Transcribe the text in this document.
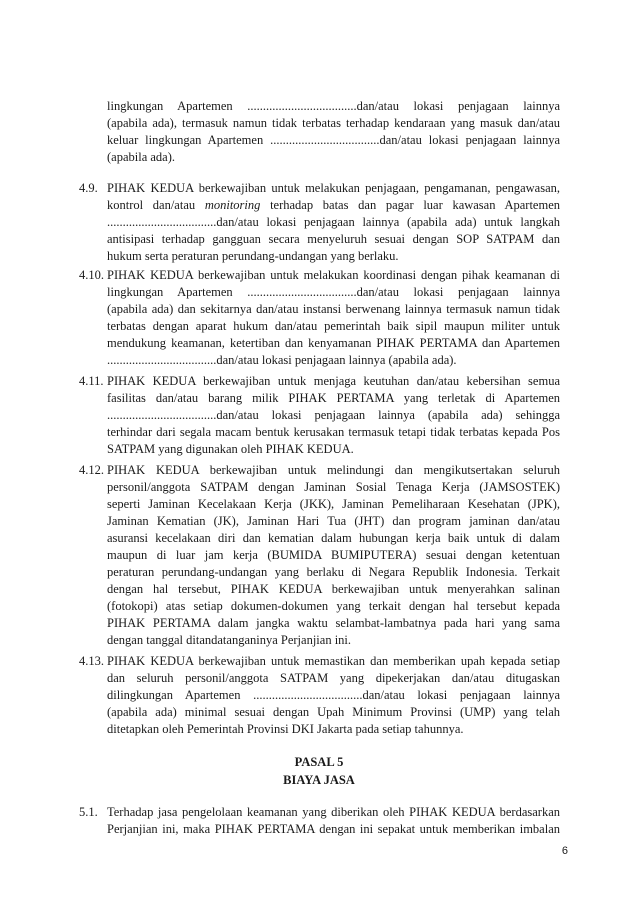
lingkungan Apartemen ...................................dan/atau lokasi penjagaan lainnya
(apabila ada), termasuk namun tidak terbatas terhadap kendaraan yang masuk dan/atau
keluar lingkungan Apartemen ...................................dan/atau lokasi penjagaan lainnya
(apabila ada).
4.9. PIHAK KEDUA berkewajiban untuk melakukan penjagaan, pengamanan, pengawasan,
kontrol dan/atau monitoring terhadap batas dan pagar luar kawasan Apartemen
...................................dan/atau lokasi penjagaan lainnya (apabila ada) untuk langkah
antisipasi terhadap gangguan secara menyeluruh sesuai dengan SOP SATPAM dan
hukum serta peraturan perundang-undangan yang berlaku.
4.10. PIHAK KEDUA berkewajiban untuk melakukan koordinasi dengan pihak keamanan di
lingkungan Apartemen ...................................dan/atau lokasi penjagaan lainnya
(apabila ada) dan sekitarnya dan/atau instansi berwenang lainnya termasuk namun tidak
terbatas dengan aparat hukum dan/atau pemerintah baik sipil maupun militer untuk
mendukung keamanan, ketertiban dan kenyamanan PIHAK PERTAMA dan Apartemen
...................................dan/atau lokasi penjagaan lainnya (apabila ada).
4.11. PIHAK KEDUA berkewajiban untuk menjaga keutuhan dan/atau kebersihan semua
fasilitas dan/atau barang milik PIHAK PERTAMA yang terletak di Apartemen
...................................dan/atau lokasi penjagaan lainnya (apabila ada) sehingga
terhindar dari segala macam bentuk kerusakan termasuk tetapi tidak terbatas kepada Pos
SATPAM yang digunakan oleh PIHAK KEDUA.
4.12. PIHAK KEDUA berkewajiban untuk melindungi dan mengikutsertakan seluruh
personil/anggota SATPAM dengan Jaminan Sosial Tenaga Kerja (JAMSOSTEK)
seperti Jaminan Kecelakaan Kerja (JKK), Jaminan Pemeliharaan Kesehatan (JPK),
Jaminan Kematian (JK), Jaminan Hari Tua (JHT) dan program jaminan dan/atau
asuransi kecelakaan diri dan kematian dalam hubungan kerja baik untuk di dalam
maupun di luar jam kerja (BUMIDA BUMIPUTERA) sesuai dengan ketentuan
peraturan perundang-undangan yang berlaku di Negara Republik Indonesia. Terkait
dengan hal tersebut, PIHAK KEDUA berkewajiban untuk menyerahkan salinan
(fotokopi) atas setiap dokumen-dokumen yang terkait dengan hal tersebut kepada
PIHAK PERTAMA dalam jangka waktu selambat-lambatnya pada hari yang sama
dengan tanggal ditandatanganinya Perjanjian ini.
4.13. PIHAK KEDUA berkewajiban untuk memastikan dan memberikan upah kepada setiap
dan seluruh personil/anggota SATPAM yang dipekerjakan dan/atau ditugaskan
dilingkungan Apartemen ...................................dan/atau lokasi penjagaan lainnya
(apabila ada) minimal sesuai dengan Upah Minimum Provinsi (UMP) yang telah
ditetapkan oleh Pemerintah Provinsi DKI Jakarta pada setiap tahunnya.
PASAL 5
BIAYA JASA
5.1. Terhadap jasa pengelolaan keamanan yang diberikan oleh PIHAK KEDUA berdasarkan
Perjanjian ini, maka PIHAK PERTAMA dengan ini sepakat untuk memberikan imbalan
6
